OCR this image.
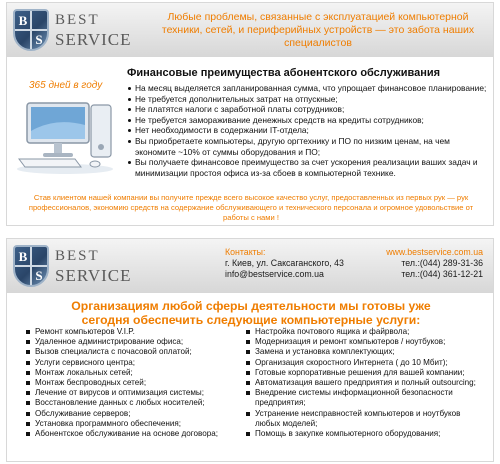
B
S
BEST
SERVICE
Любые проблемы, связанные с эксплуатацией компьютерной техники, сетей, и периферийных устройств — это забота наших специалистов
365 дней в году
Финансовые преимущества абонентского обслуживания
На месяц выделяется запланированная сумма, что упрощает финансовое планирование;
Не требуется дополнительных затрат на отпускные;
Не платятся налоги с заработной платы сотрудников;
Не требуется замораживание денежных средств на кредиты сотрудников;
Нет необходимости в содержании IT-отдела;
Вы приобретаете компьютеры, другую оргтехнику и ПО по низким ценам, на чем экономите ~10% от суммы оборудования и ПО;
Вы получаете финансовое преимущество за счет ускорения реализации ваших задач и минимизации простоя офиса из-за сбоев в компьютерной технике.
Став клиентом нашей компании вы получите прежде всего высокое качество услуг, предоставленных из первых рук — рук профессионалов, экономию средств на содержание обслуживающего и технического персонала и огромное удовольствие от работы с нами !
B
S
BEST
SERVICE
Контакты:
г. Киев, ул. Саксаганского, 43
info@bestservice.com.ua
www.bestservice.com.ua
тел.:(044) 289-31-36
тел.:(044) 361-12-21
Организациям любой сферы деятельности мы готовы уже
сегодня обеспечить следующие компьютерные услуги:
Ремонт компьютеров V.I.P.
Удаленное администрирование офиса;
Вызов специалиста с почасовой оплатой;
Услуги сервисного центра;
Монтаж локальных сетей;
Монтаж беспроводных сетей;
Лечение от вирусов и оптимизация системы;
Восстановление данных с любых носителей;
Обслуживание серверов;
Установка программного обеспечения;
Абонентское обслуживание на основе договора;
Настройка почтового ящика и файрвола;
Модернизация и ремонт компьютеров / ноутбуков;
Замена и установка комплектующих;
Организация скоростного Интернета ( до 10 Мбит);
Готовые корпоративные решения для вашей компании;
Автоматизация вашего предприятия и полный outsourcing;
Внедрение системы информационной безопасности предприятия;
Устранение неисправностей компьютеров и ноутбуков любых моделей;
Помощь в закупке компьютерного оборудования;
